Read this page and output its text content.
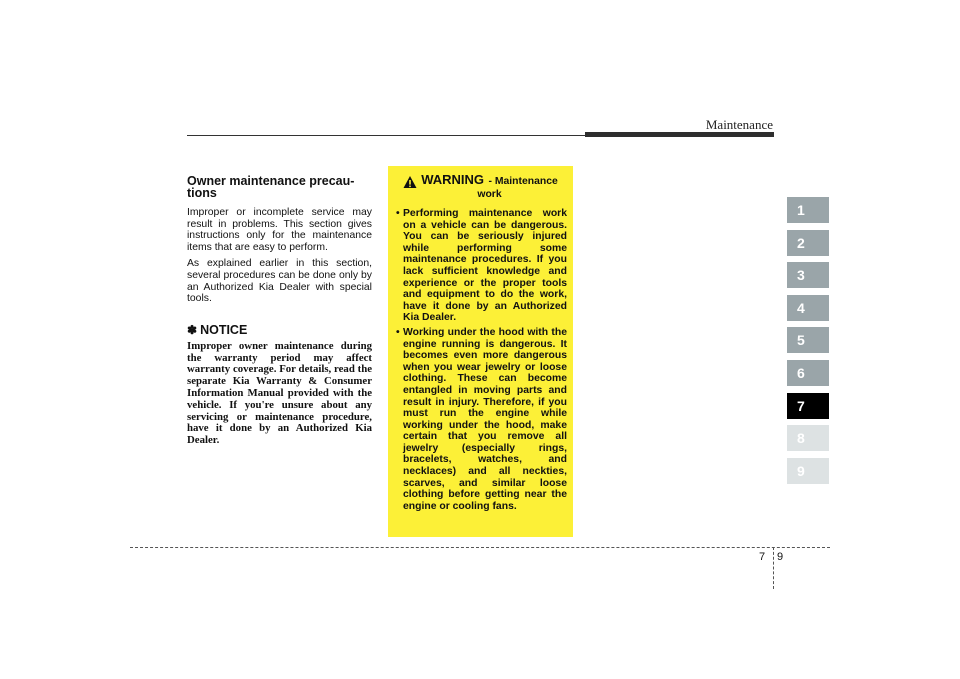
Maintenance
1
2
3
4
5
6
7
8
9
Owner maintenance precau-
tions

Improper or incomplete service may result in problems. This section gives instructions only for the maintenance items that are easy to perform.

As explained earlier in this section, several procedures can be done only by an Authorized Kia Dealer with special tools.

✽ NOTICE

Improper owner maintenance during the warranty period may affect warranty coverage. For details, read the separate Kia Warranty & Consumer Information Manual provided with the vehicle. If you're unsure about any servicing or maintenance procedure, have it done by an Authorized Kia Dealer.

WARNING - Maintenance
work
• Performing maintenance work on a vehicle can be dangerous. You can be seriously injured while performing some maintenance procedures. If you lack sufficient knowledge and experience or the proper tools and equipment to do the work, have it done by an Authorized Kia Dealer.
• Working under the hood with the engine running is dangerous. It becomes even more dangerous when you wear jewelry or loose clothing. These can become entangled in moving parts and result in injury. Therefore, if you must run the engine while working under the hood, make certain that you remove all jewelry (especially rings, bracelets, watches, and necklaces) and all neckties, scarves, and similar loose clothing before getting near the engine or cooling fans.
7 9
